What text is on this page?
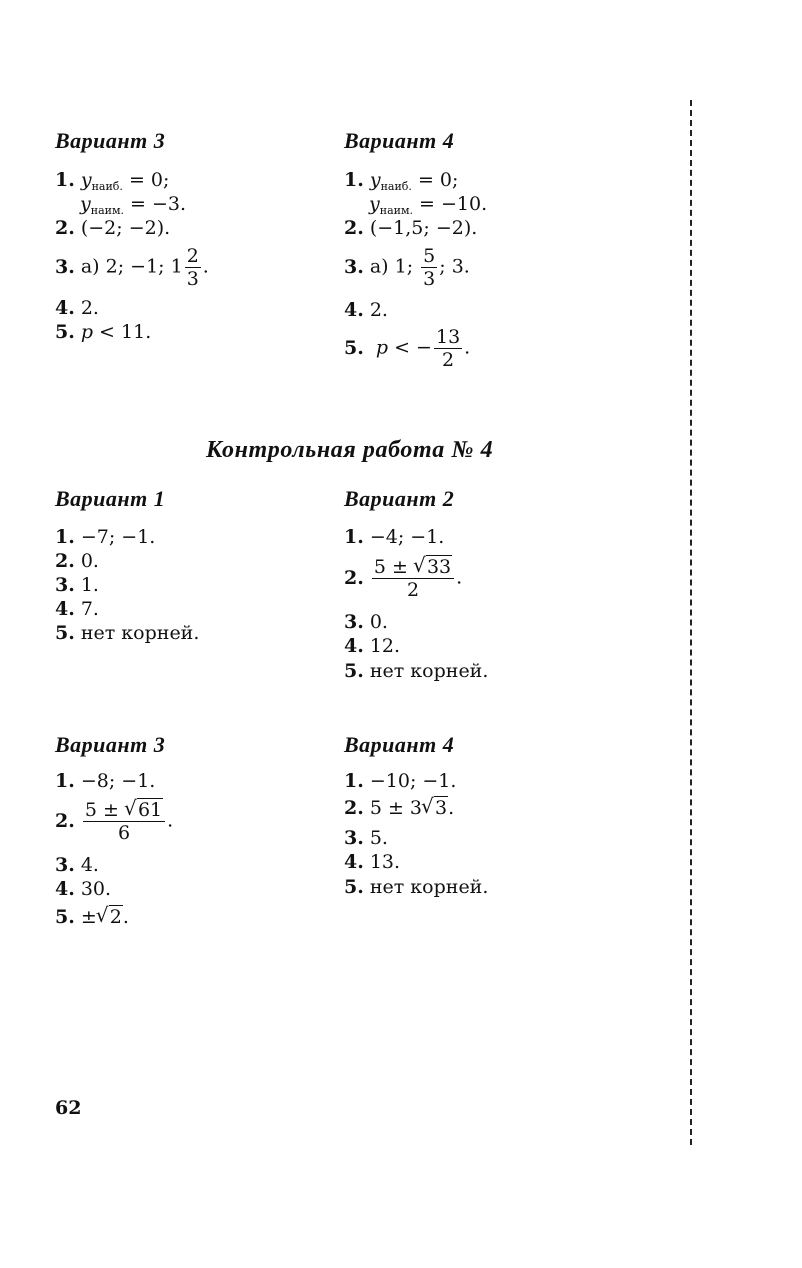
Вариант 3
1. $y_{наиб.} = 0$;
$y_{наим.} = -3$.
2. (−2; −2).
3. а) 2; −1; $1 \frac{2}{3}$ .
4. 2.
5. p < 11.
Вариант 4
1. $y_{наиб.} = 0$;
$y_{наим.} = -10$.
2. (−1,5; −2).
3. а) 1; $\frac{5}{3}$ ; 3.
4. 2.
5. p < − $\frac{13}{2}$ .
Контрольная работа № 4
Вариант 1
1. −7; −1.
2. 0.
3. 1.
4. 7.
5. нет корней.
Вариант 2
1. −4; −1.
2. $\frac{5 \pm √ 33}{2}$ .
3. 0.
4. 12.
5. нет корней.
Вариант 3
1. −8; −1.
2. $\frac{5 \pm √ 61}{6}$ .
3. 4.
4. 30.
5. ± √ 2.
Вариант 4
1. −10; −1.
2. 5 ± 3 √ 3.
3. 5.
4. 13.
5. нет корней.
62
